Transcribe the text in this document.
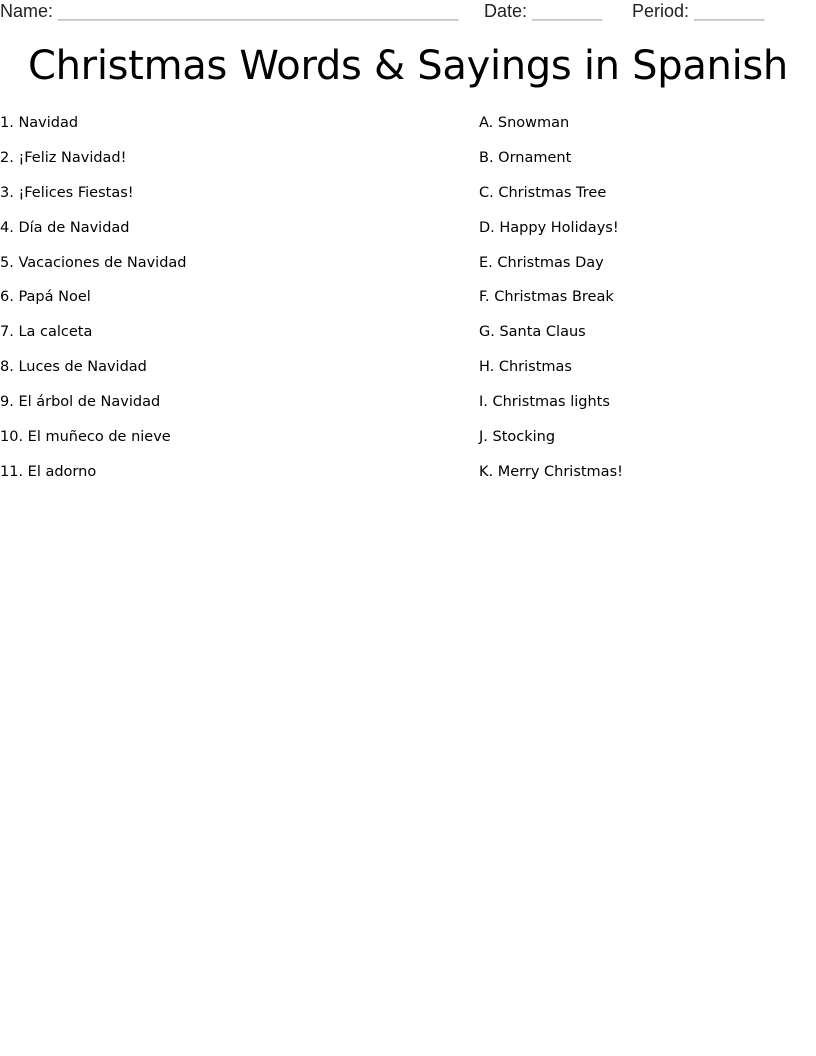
Name: ________________________________________ Date: _______ Period: _______
Christmas Words & Sayings in Spanish
1. Navidad
2. ¡Feliz Navidad!
3. ¡Felices Fiestas!
4. Día de Navidad
5. Vacaciones de Navidad
6. Papá Noel
7. La calceta
8. Luces de Navidad
9. El árbol de Navidad
10. El muñeco de nieve
11. El adorno
A. Snowman
B. Ornament
C. Christmas Tree
D. Happy Holidays!
E. Christmas Day
F. Christmas Break
G. Santa Claus
H. Christmas
I. Christmas lights
J. Stocking
K. Merry Christmas!
